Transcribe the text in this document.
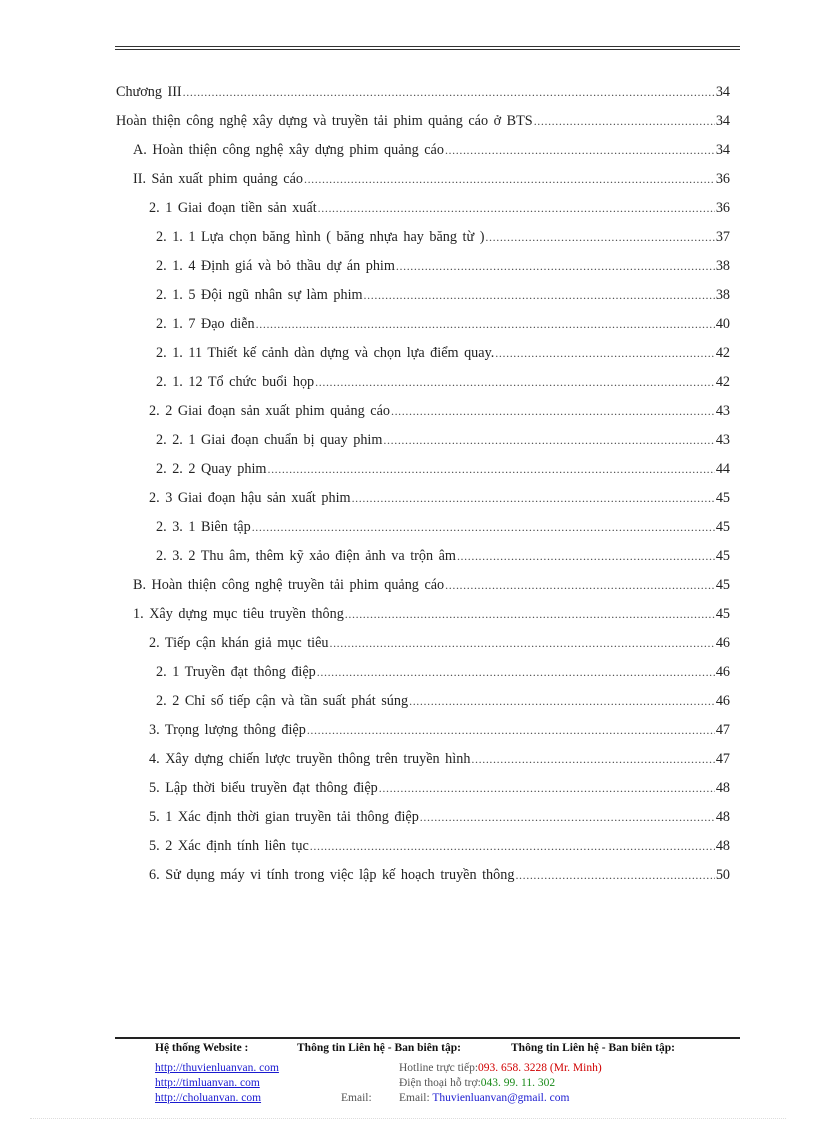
Chương III .....	34
Hoàn thiện công nghệ xây dựng và truyền tải phim quảng cáo ở BTS .....	34
A. Hoàn thiện công nghệ xây dựng phim quảng cáo .....	34
II. Sản xuất phim quảng cáo .....	36
2. 1 Giai đoạn tiền sản xuất .....	36
2. 1. 1 Lựa chọn băng hình ( băng nhựa hay băng từ ) .....	37
2. 1. 4 Định giá và bỏ thầu dự án phim .....	38
2. 1. 5 Đội ngũ nhân sự làm phim .....	38
2. 1. 7 Đạo diễn .....	40
2. 1. 11 Thiết kế cảnh dàn dựng và chọn lựa điểm quay. .....	42
2. 1. 12 Tổ chức buổi họp .....	42
2. 2 Giai đoạn sản xuất phim quảng cáo .....	43
2. 2. 1 Giai đoạn chuẩn bị quay phim .....	43
2. 2. 2 Quay phim .....	44
2. 3 Giai đoạn hậu sản xuất phim .....	45
2. 3. 1 Biên tập .....	45
2. 3. 2 Thu âm, thêm kỹ xảo điện ảnh va trộn âm .....	45
B. Hoàn thiện công nghệ truyền tải phim quảng cáo .....	45
1. Xây dựng mục tiêu truyền thông .....	45
2. Tiếp cận khán giả mục tiêu .....	46
2. 1 Truyền đạt thông điệp .....	46
2. 2 Chỉ số tiếp cận và tần suất phát súng .....	46
3. Trọng lượng thông điệp .....	47
4. Xây dựng chiến lược truyền thông trên truyền hình .....	47
5. Lập thời biểu truyền đạt thông điệp .....	48
5. 1 Xác định thời gian truyền tải thông điệp .....	48
5. 2 Xác định tính liên tục .....	48
6. Sử dụng máy vi tính trong việc lập kế hoạch truyền thông .....	50
Hệ thống Website :	Thông tin Liên hệ - Ban biên tập:	Thông tin Liên hệ - Ban biên tập:
http://thuvienluanvan. com
http://timluanvan. com
http://choluanvan. com	Email:
Hotline trực tiếp:093. 658. 3228 (Mr. Minh)
Điện thoại hỗ trợ:043. 99. 11. 302
Email: Thuvienluanvan@gmail. com
